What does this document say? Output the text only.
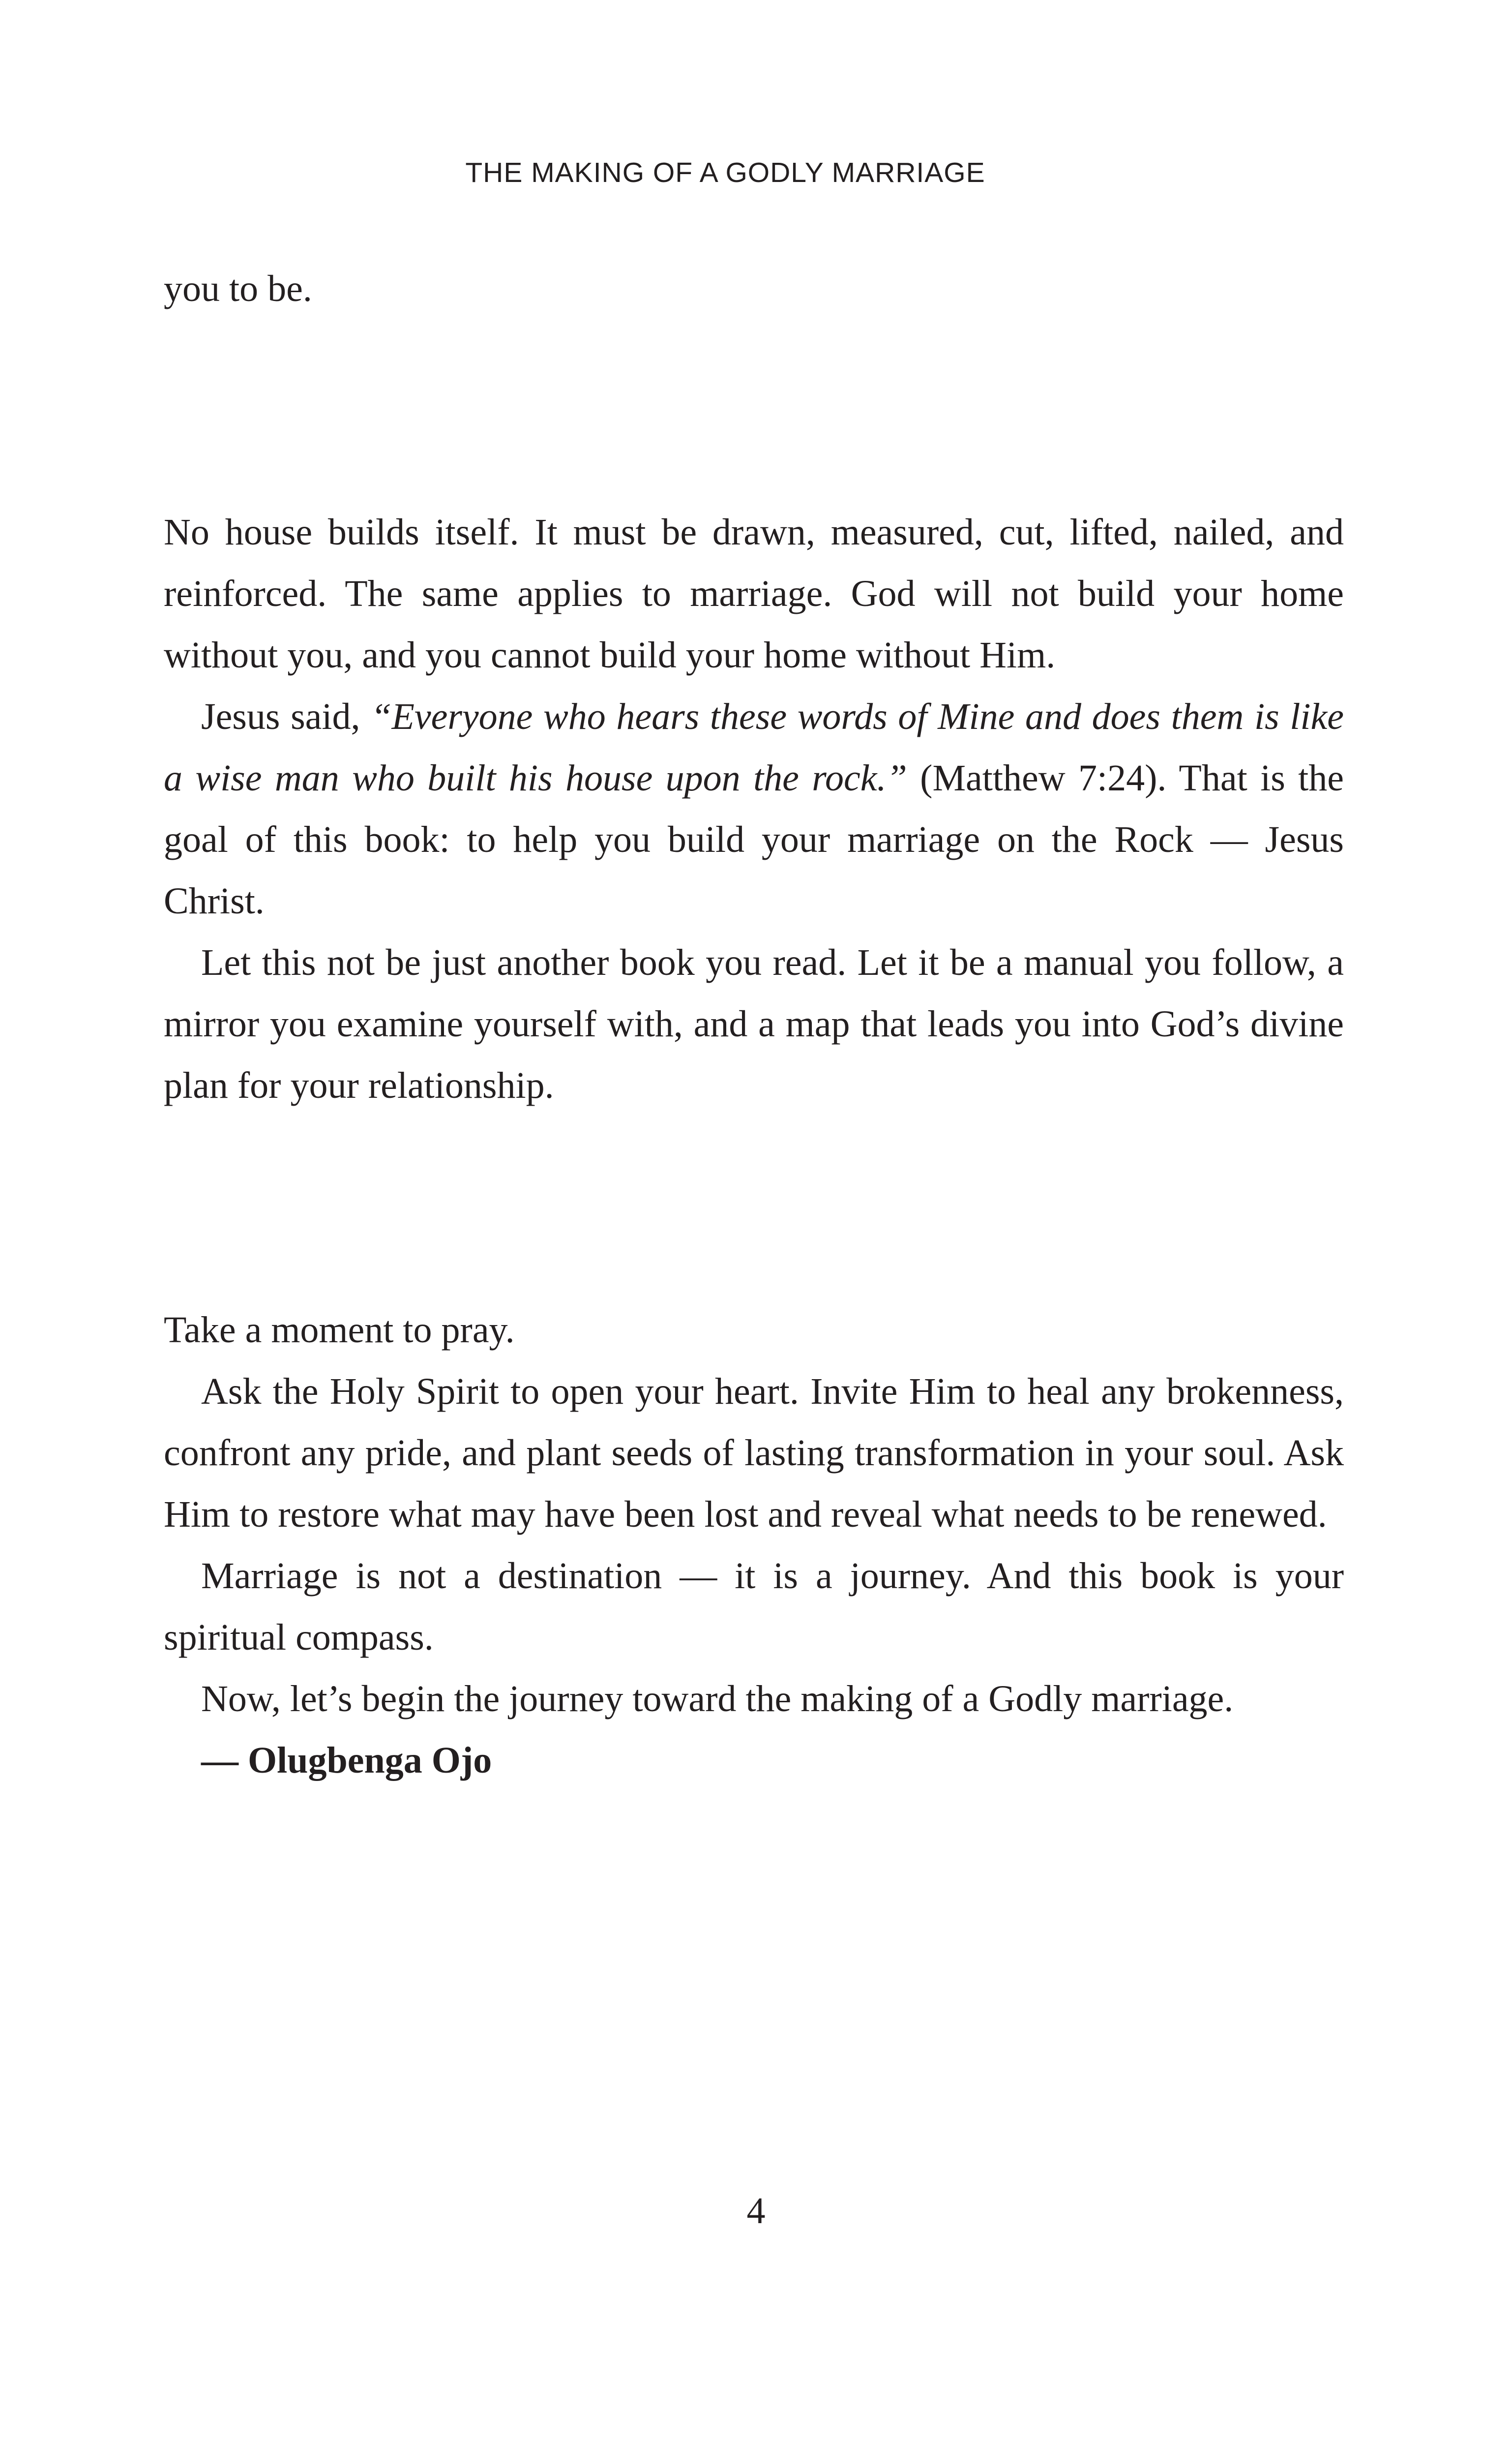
THE MAKING OF A GODLY MARRIAGE

you to be.

No house builds itself. It must be drawn, measured, cut, lifted, nailed, and reinforced. The same applies to marriage. God will not build your home without you, and you cannot build your home without Him.

Jesus said, “Everyone who hears these words of Mine and does them is like a wise man who built his house upon the rock.” (Matthew 7:24). That is the goal of this book: to help you build your marriage on the Rock — Jesus Christ.

Let this not be just another book you read. Let it be a manual you follow, a mirror you examine yourself with, and a map that leads you into God’s divine plan for your relationship.

Take a moment to pray.

Ask the Holy Spirit to open your heart. Invite Him to heal any brokenness, confront any pride, and plant seeds of lasting transformation in your soul. Ask Him to restore what may have been lost and reveal what needs to be renewed.

Marriage is not a destination — it is a journey. And this book is your spiritual compass.

Now, let’s begin the journey toward the making of a Godly marriage.

— Olugbenga Ojo

4
